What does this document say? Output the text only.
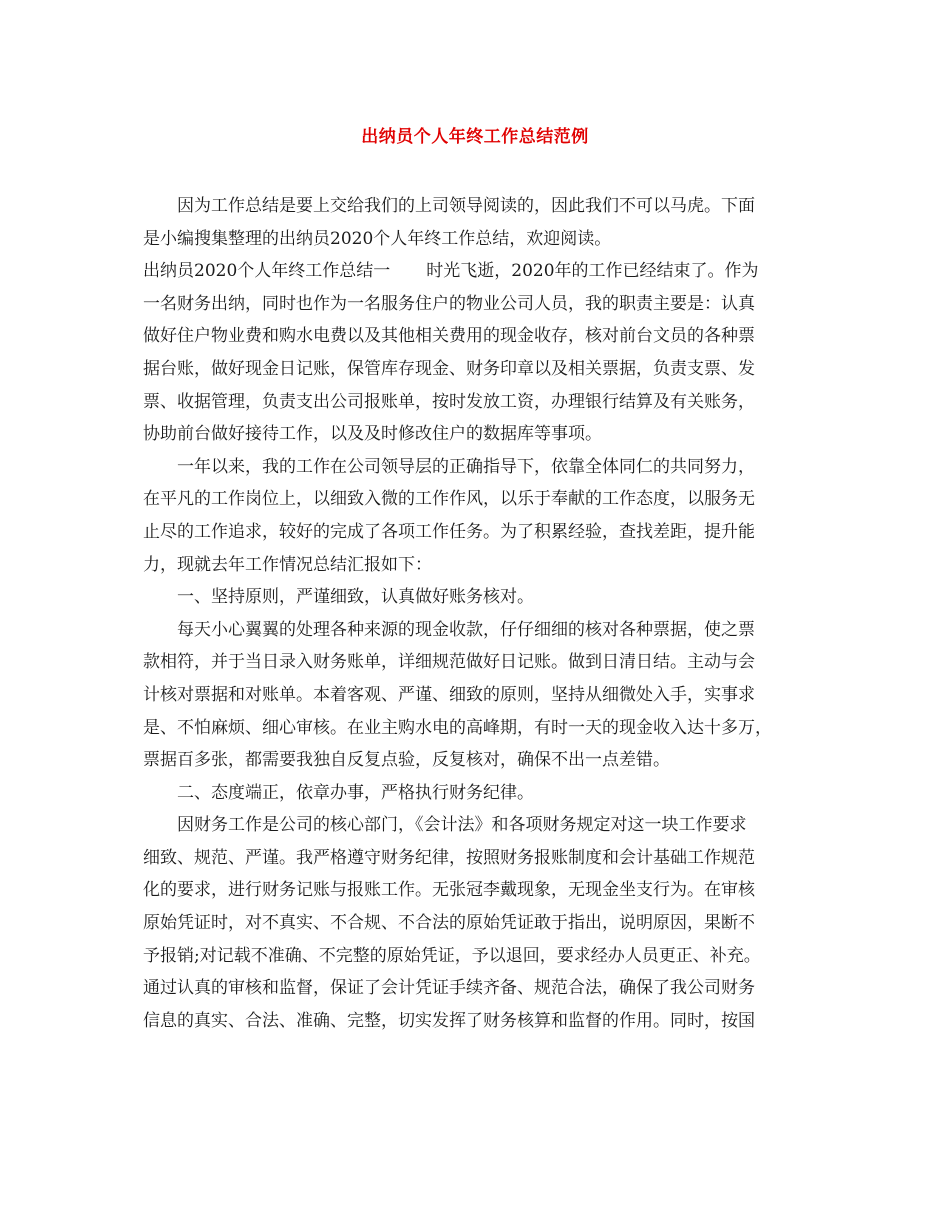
出纳员个人年终工作总结范例
因为工作总结是要上交给我们的上司领导阅读的，因此我们不可以马虎。下面
是小编搜集整理的出纳员2020个人年终工作总结，欢迎阅读。
出纳员2020个人年终工作总结一 时光飞逝，2020年的工作已经结束了。作为
一名财务出纳，同时也作为一名服务住户的物业公司人员，我的职责主要是：认真
做好住户物业费和购水电费以及其他相关费用的现金收存，核对前台文员的各种票
据台账，做好现金日记账，保管库存现金、财务印章以及相关票据，负责支票、发
票、收据管理，负责支出公司报账单，按时发放工资，办理银行结算及有关账务，
协助前台做好接待工作，以及及时修改住户的数据库等事项。
一年以来，我的工作在公司领导层的正确指导下，依靠全体同仁的共同努力，
在平凡的工作岗位上，以细致入微的工作作风，以乐于奉献的工作态度，以服务无
止尽的工作追求，较好的完成了各项工作任务。为了积累经验，查找差距，提升能
力，现就去年工作情况总结汇报如下：
一、坚持原则，严谨细致，认真做好账务核对。
每天小心翼翼的处理各种来源的现金收款，仔仔细细的核对各种票据，使之票
款相符，并于当日录入财务账单，详细规范做好日记账。做到日清日结。主动与会
计核对票据和对账单。本着客观、严谨、细致的原则，坚持从细微处入手，实事求
是、不怕麻烦、细心审核。在业主购水电的高峰期，有时一天的现金收入达十多万，
票据百多张，都需要我独自反复点验，反复核对，确保不出一点差错。
二、态度端正，依章办事，严格执行财务纪律。
因财务工作是公司的核心部门，《会计法》和各项财务规定对这一块工作要求
细致、规范、严谨。我严格遵守财务纪律，按照财务报账制度和会计基础工作规范
化的要求，进行财务记账与报账工作。无张冠李戴现象，无现金坐支行为。在审核
原始凭证时，对不真实、不合规、不合法的原始凭证敢于指出，说明原因，果断不
予报销;对记载不准确、不完整的原始凭证，予以退回，要求经办人员更正、补充。
通过认真的审核和监督，保证了会计凭证手续齐备、规范合法，确保了我公司财务
信息的真实、合法、准确、完整，切实发挥了财务核算和监督的作用。同时，按国
